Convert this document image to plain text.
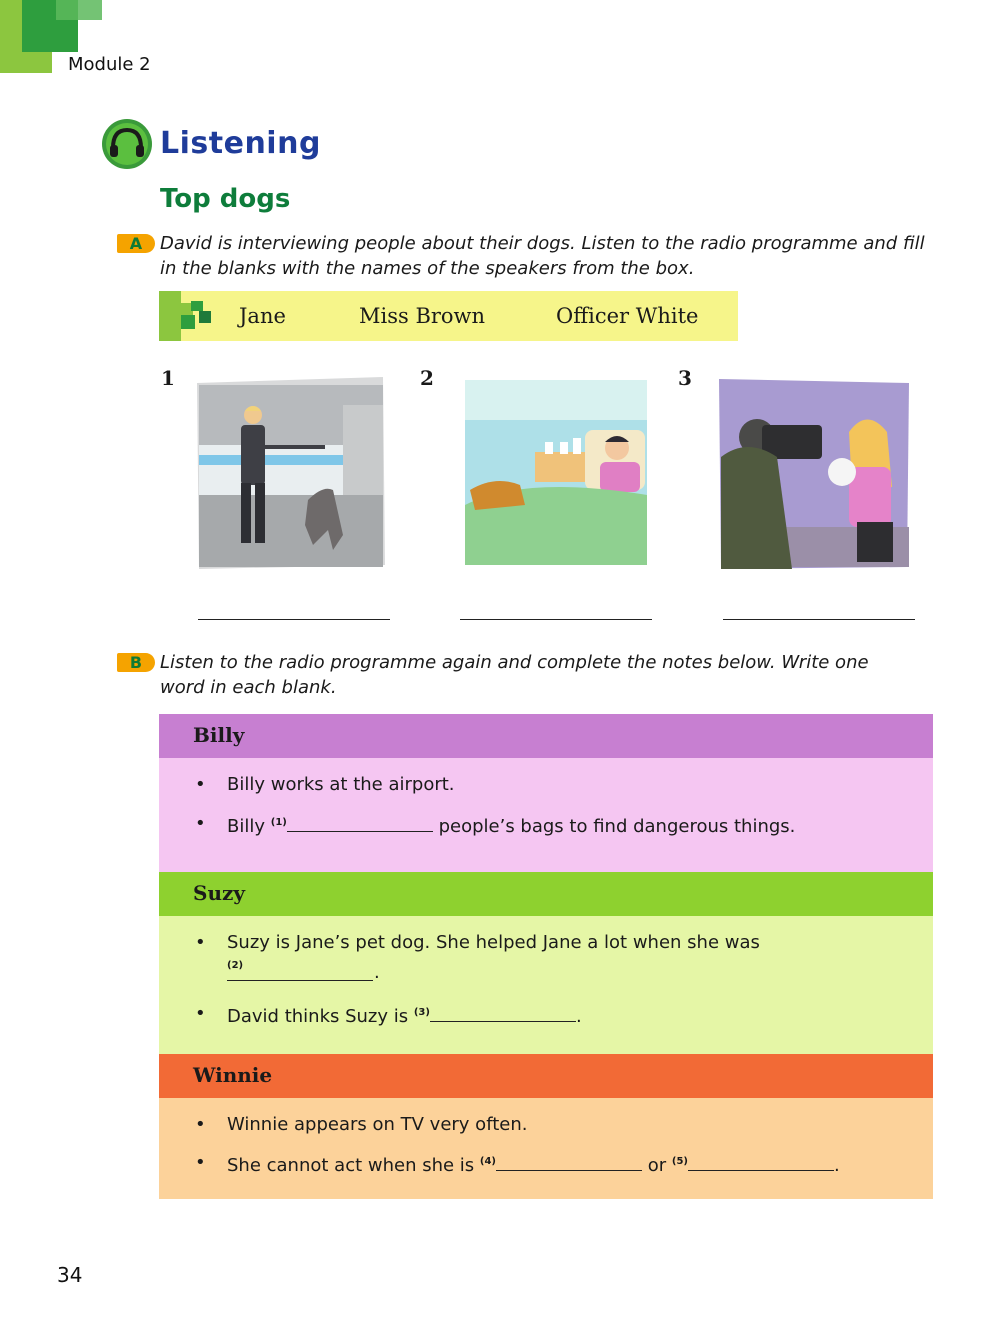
Module 2
Listening
Top dogs
A David is interviewing people about their dogs. Listen to the radio programme and fill
in the blanks with the names of the speakers from the box.
Jane	Miss Brown	Officer White
1	2	3
B Listen to the radio programme again and complete the notes below. Write one
word in each blank.
Billy
• Billy works at the airport.
• Billy $^{(1)}$	people’s bags to find dangerous things.
Suzy
• Suzy is Jane’s pet dog. She helped Jane a lot when she was
(2)	.
• David thinks Suzy is $^{(3)}$	.
Winnie
• Winnie appears on TV very often.
• She cannot act when she is $^{(4)}$	or $^{(5)}$	.
34
